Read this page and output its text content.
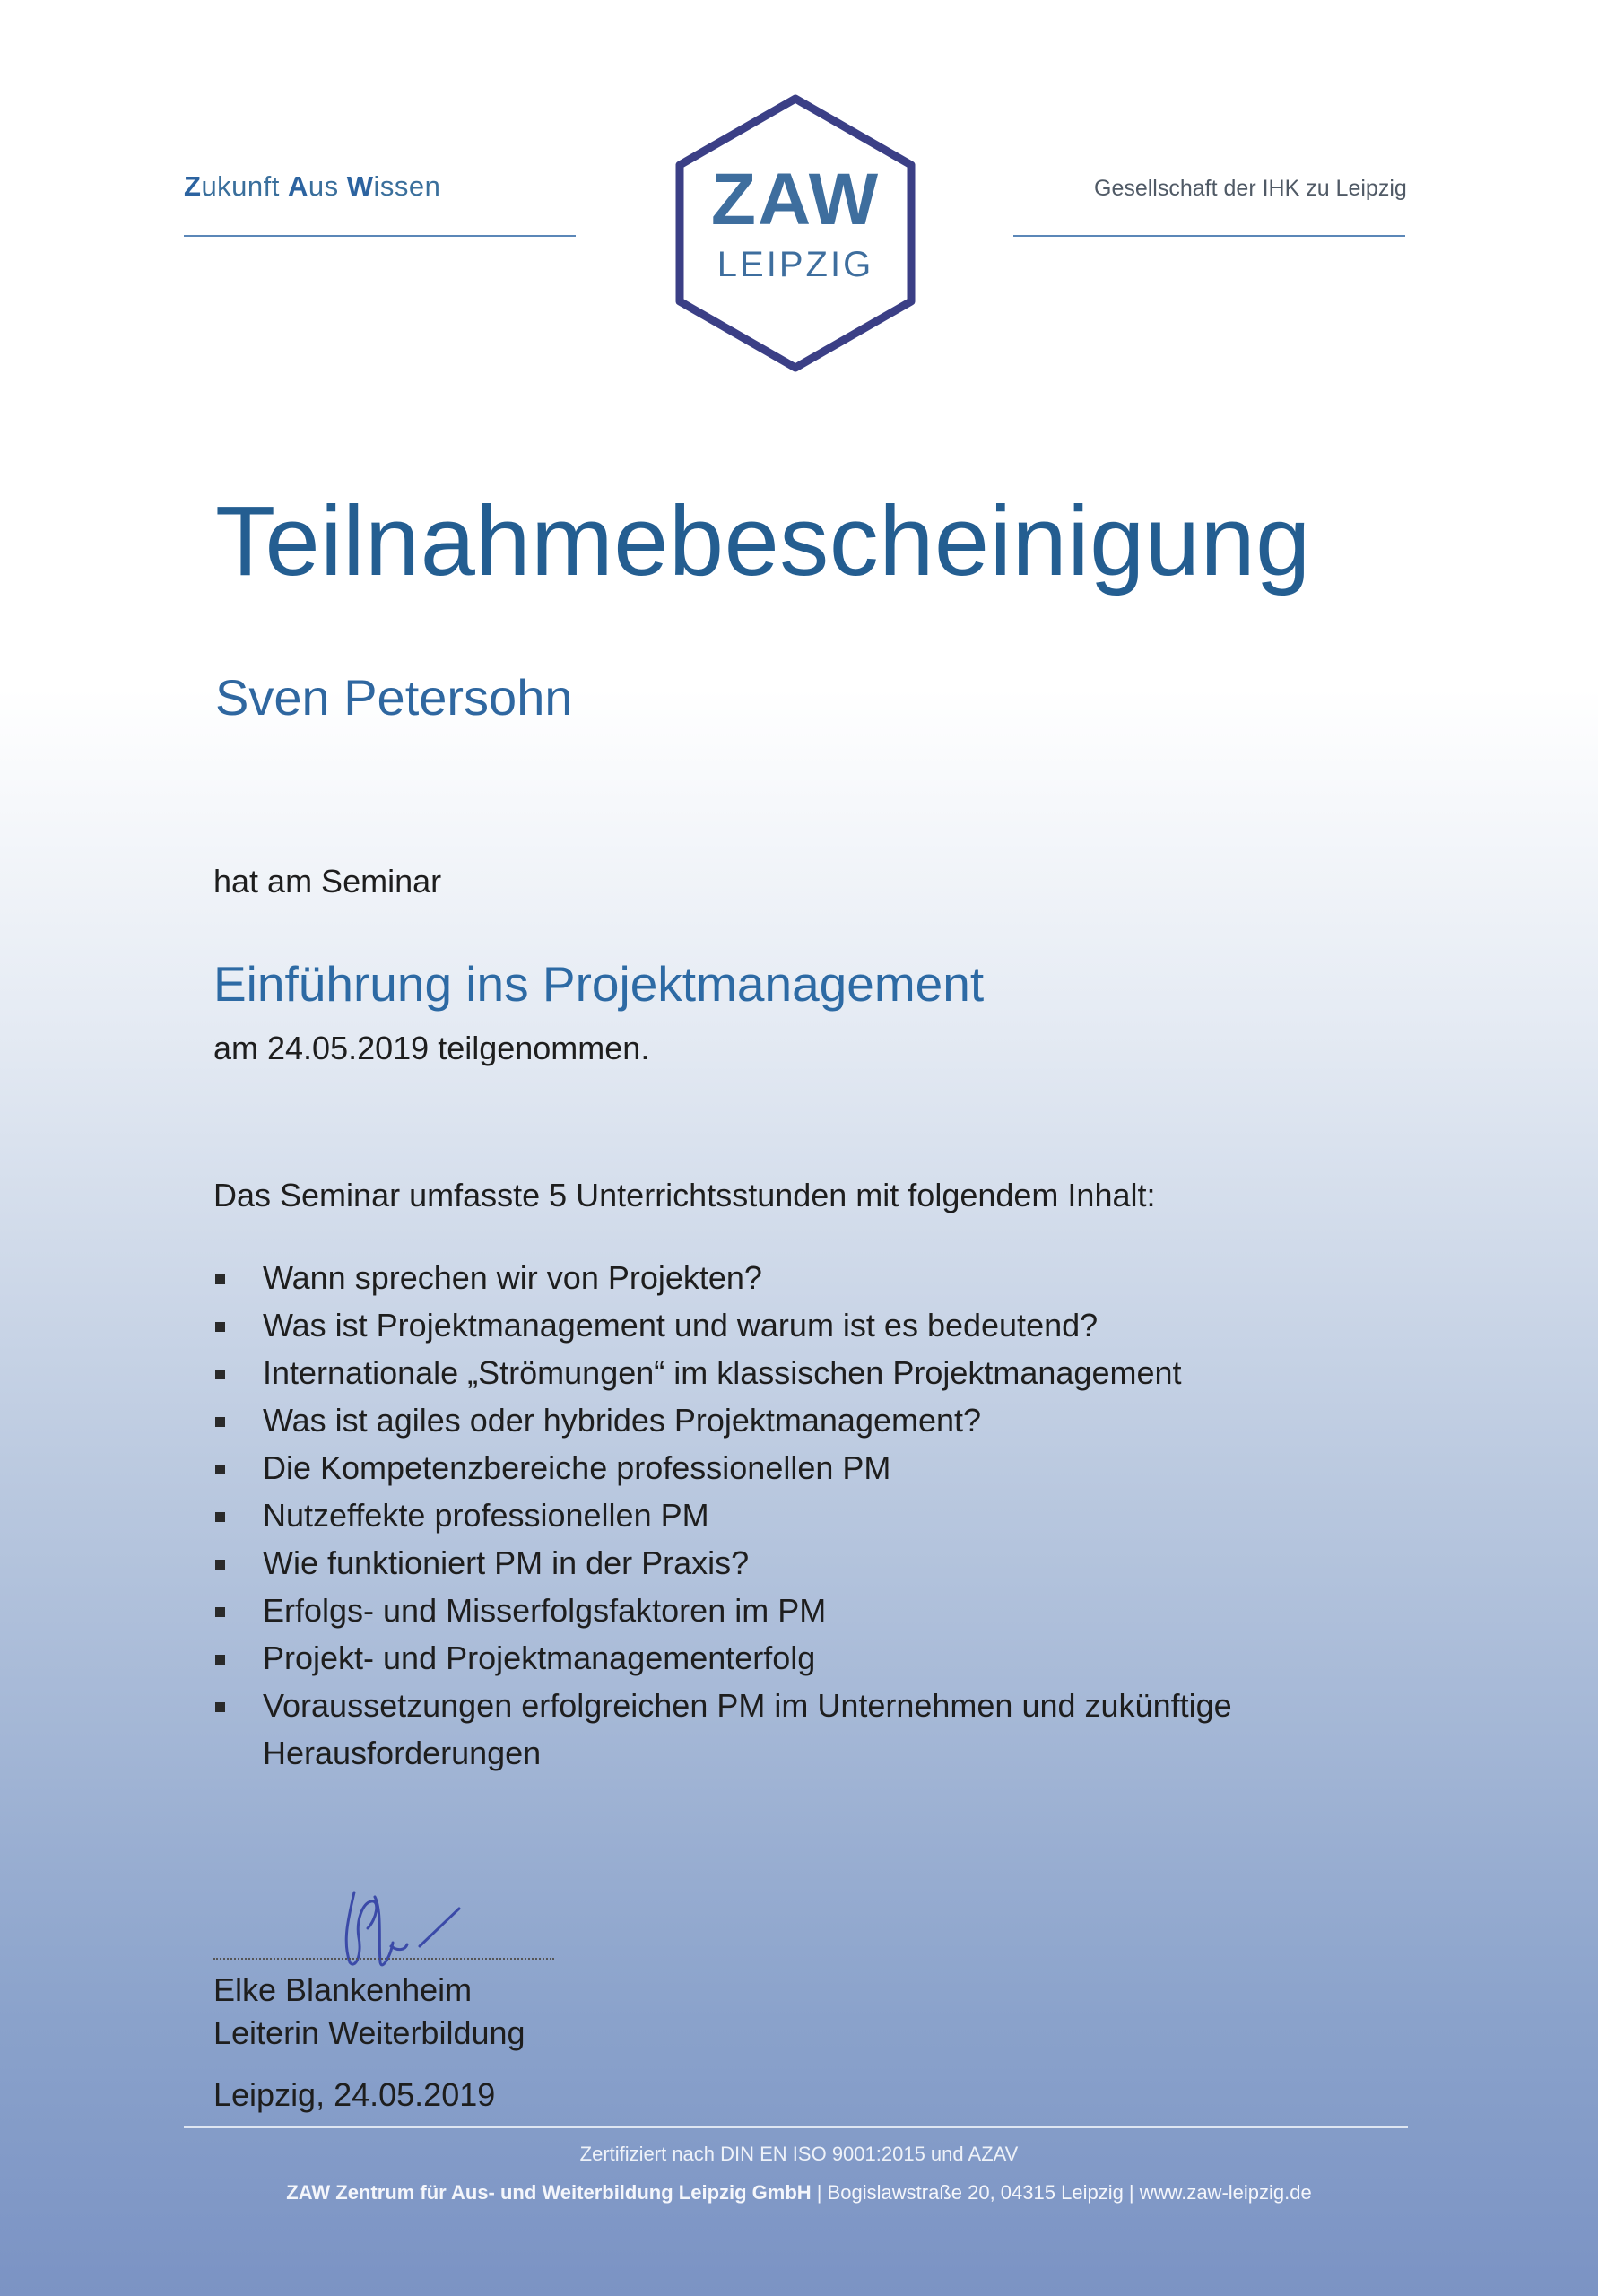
Zukunft Aus Wissen	ZAW
LEIPZIG
Gesellschaft der IHK zu Leipzig
Teilnahmebescheinigung
Sven Petersohn
hat am Seminar
Einführung ins Projektmanagement
am 24.05.2019 teilgenommen.
Das Seminar umfasste 5 Unterrichtsstunden mit folgendem Inhalt:
Wann sprechen wir von Projekten?
Was ist Projektmanagement und warum ist es bedeutend?
Internationale „Strömungen“ im klassischen Projektmanagement
Was ist agiles oder hybrides Projektmanagement?
Die Kompetenzbereiche professionellen PM
Nutzeffekte professionellen PM
Wie funktioniert PM in der Praxis?
Erfolgs- und Misserfolgsfaktoren im PM
Projekt- und Projektmanagementerfolg
Voraussetzungen erfolgreichen PM im Unternehmen und zukünftige Herausforderungen
Elke Blankenheim
Leiterin Weiterbildung
Leipzig, 24.05.2019
Zertifiziert nach DIN EN ISO 9001:2015 und AZAV
ZAW Zentrum für Aus- und Weiterbildung Leipzig GmbH | Bogislawstraße 20, 04315 Leipzig | www.zaw-leipzig.de
